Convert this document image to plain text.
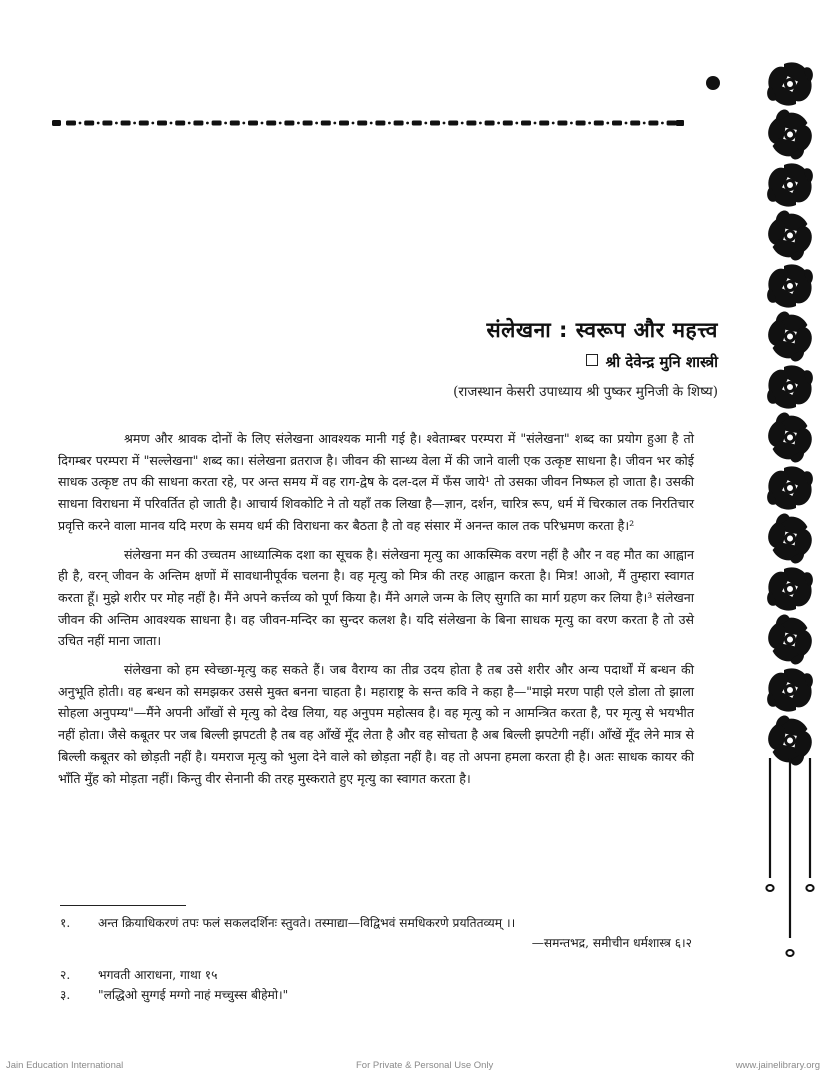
संलेखना : स्वरूप और महत्त्व
श्री देवेन्द्र मुनि शास्त्री

(राजस्थान केसरी उपाध्याय श्री पुष्कर मुनिजी के शिष्य)

श्रमण और श्रावक दोनों के लिए संलेखना आवश्यक मानी गई है। श्वेताम्बर परम्परा में "संलेखना" शब्द का प्रयोग हुआ है तो दिगम्बर परम्परा में "सल्लेखना" शब्द का। संलेखना व्रतराज है। जीवन की सान्ध्य वेला में की जाने वाली एक उत्कृष्ट साधना है। जीवन भर कोई साधक उत्कृष्ट तप की साधना करता रहे, पर अन्त समय में वह राग-द्वेष के दल-दल में फँस जाये¹ तो उसका जीवन निष्फल हो जाता है। उसकी साधना विराधना में परिवर्तित हो जाती है। आचार्य शिवकोटि ने तो यहाँ तक लिखा है—ज्ञान, दर्शन, चारित्र रूप, धर्म में चिरकाल तक निरतिचार प्रवृत्ति करने वाला मानव यदि मरण के समय धर्म की विराधना कर बैठता है तो वह संसार में अनन्त काल तक परिभ्रमण करता है।²

संलेखना मन की उच्चतम आध्यात्मिक दशा का सूचक है। संलेखना मृत्यु का आकस्मिक वरण नहीं है और न वह मौत का आह्वान ही है, वरन् जीवन के अन्तिम क्षणों में सावधानीपूर्वक चलना है। वह मृत्यु को मित्र की तरह आह्वान करता है। मित्र! आओ, मैं तुम्हारा स्वागत करता हूँ। मुझे शरीर पर मोह नहीं है। मैंने अपने कर्त्तव्य को पूर्ण किया है। मैंने अगले जन्म के लिए सुगति का मार्ग ग्रहण कर लिया है।³ संलेखना जीवन की अन्तिम आवश्यक साधना है। वह जीवन-मन्दिर का सुन्दर कलश है। यदि संलेखना के बिना साधक मृत्यु का वरण करता है तो उसे उचित नहीं माना जाता।

संलेखना को हम स्वेच्छा-मृत्यु कह सकते हैं। जब वैराग्य का तीव्र उदय होता है तब उसे शरीर और अन्य पदार्थों में बन्धन की अनुभूति होती। वह बन्धन को समझकर उससे मुक्त बनना चाहता है। महाराष्ट्र के सन्त कवि ने कहा है—"माझे मरण पाही एले डोला तो झाला सोहला अनुपम्य"—मैंने अपनी आँखों से मृत्यु को देख लिया, यह अनुपम महोत्सव है। वह मृत्यु को न आमन्त्रित करता है, पर मृत्यु से भयभीत नहीं होता। जैसे कबूतर पर जब बिल्ली झपटती है तब वह आँखें मूँद लेता है और वह सोचता है अब बिल्ली झपटेगी नहीं। आँखें मूँद लेने मात्र से बिल्ली कबूतर को छोड़ती नहीं है। यमराज मृत्यु को भुला देने वाले को छोड़ता नहीं है। वह तो अपना हमला करता ही है। अतः साधक कायर की भाँति मुँह को मोड़ता नहीं। किन्तु वीर सेनानी की तरह मुस्कराते हुए मृत्यु का स्वागत करता है।

१.	अन्त क्रियाधिकरणं तपः फलं सकलदर्शिनः स्तुवते। तस्माद्या—विद्विभवं समधिकरणे प्रयतितव्यम् ।।
—समन्तभद्र, समीचीन धर्मशास्त्र ६।२
२.	भगवती आराधना, गाथा १५
३.	"लद्धिओ सुग्गई मग्गो नाहं मच्चुस्स बीहेमो।"
Jain Education International	For Private & Personal Use Only	www.jainelibrary.org
